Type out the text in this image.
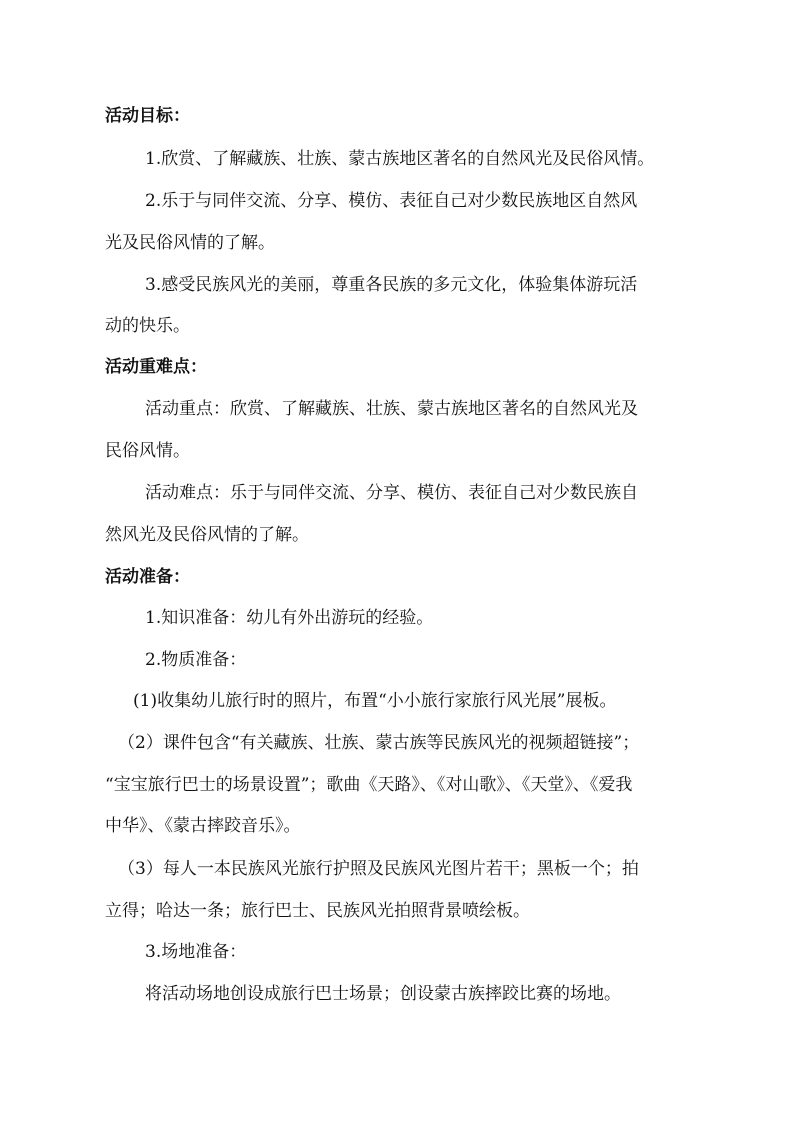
活动目标：
1.欣赏、了解藏族、壮族、蒙古族地区著名的自然风光及民俗风情。
2.乐于与同伴交流、分享、模仿、表征自己对少数民族地区自然风
光及民俗风情的了解。
3.感受民族风光的美丽，尊重各民族的多元文化，体验集体游玩活
动的快乐。
活动重难点：
活动重点：欣赏、了解藏族、壮族、蒙古族地区著名的自然风光及
民俗风情。
活动难点：乐于与同伴交流、分享、模仿、表征自己对少数民族自
然风光及民俗风情的了解。
活动准备：
1.知识准备：幼儿有外出游玩的经验。
2.物质准备：
(1)收集幼儿旅行时的照片，布置“小小旅行家旅行风光展”展板。
（2）课件包含“有关藏族、壮族、蒙古族等民族风光的视频超链接”；
“宝宝旅行巴士的场景设置”；歌曲《天路》、《对山歌》、《天堂》、《爱我
中华》、《蒙古摔跤音乐》。
（3）每人一本民族风光旅行护照及民族风光图片若干；黑板一个；拍
立得；哈达一条；旅行巴士、民族风光拍照背景喷绘板。
3.场地准备：
将活动场地创设成旅行巴士场景；创设蒙古族摔跤比赛的场地。
